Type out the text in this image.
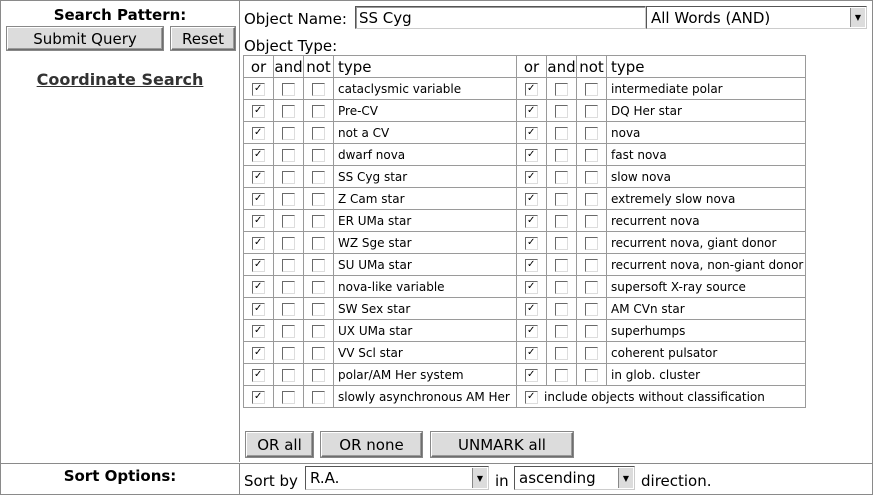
Search Pattern:
Submit Query	Reset
Coordinate Search
Object Name: SS Cyg	All Words (AND)	▼
Object Type:
OR all	OR none	UNMARK all
or	and	not	type	or	and	not	type
✓			cataclysmic variable	✓			intermediate polar
✓			Pre-CV	✓			DQ Her star
✓			not a CV	✓			nova
✓			dwarf nova	✓			fast nova
✓			SS Cyg star	✓			slow nova
✓			Z Cam star	✓			extremely slow nova
✓			ER UMa star	✓			recurrent nova
✓			WZ Sge star	✓			recurrent nova, giant donor
✓			SU UMa star	✓			recurrent nova, non-giant donor
✓			nova-like variable	✓			supersoft X-ray source
✓			SW Sex star	✓			AM CVn star
✓			UX UMa star	✓			superhumps
✓			VV Scl star	✓			coherent pulsator
✓			polar/AM Her system	✓			in glob. cluster
✓			slowly asynchronous AM Her	✓include objects without classification
Sort Options:	Sort by R.A.	▼ in ascending	▼ direction.
